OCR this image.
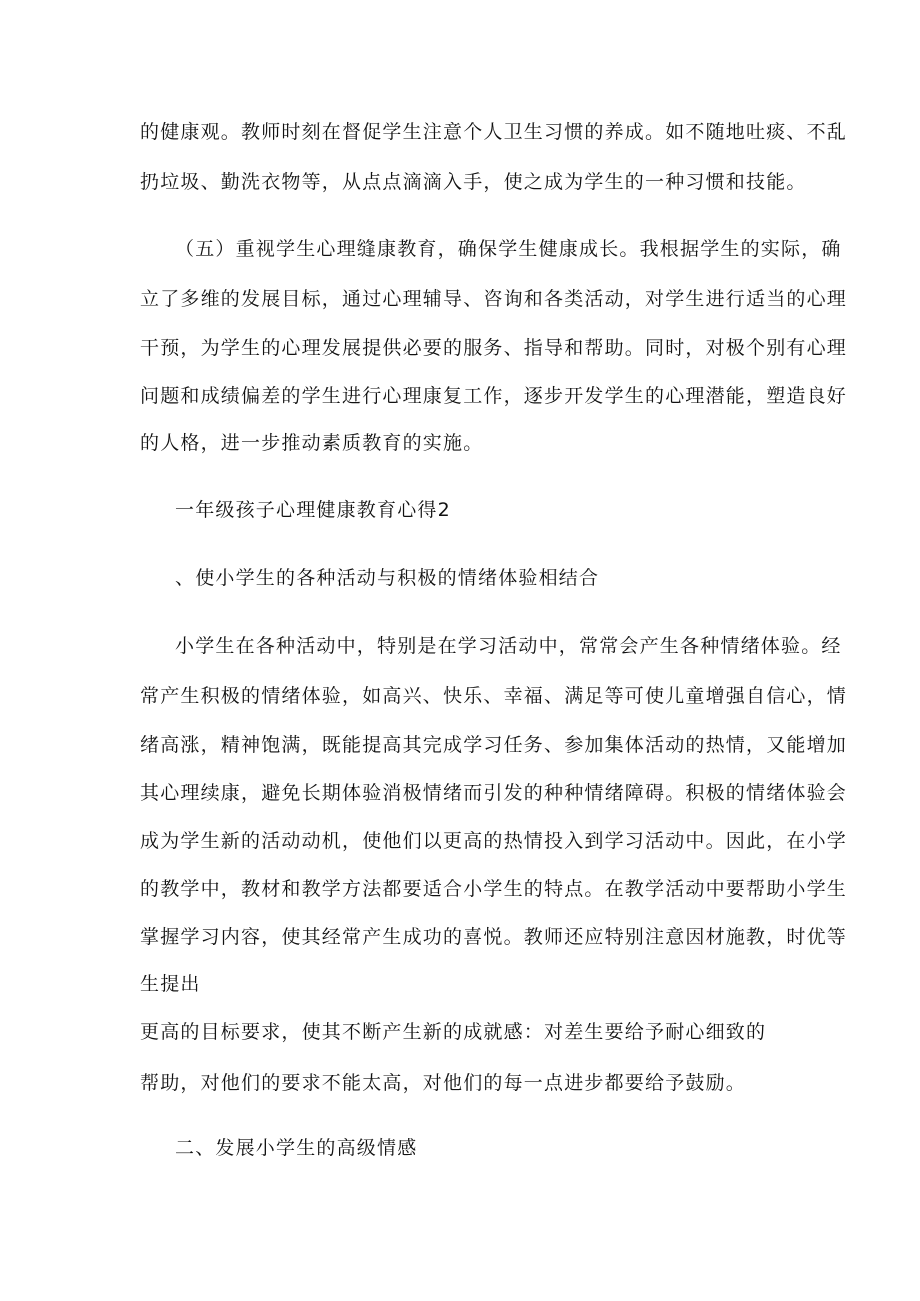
的健康观。教师时刻在督促学生注意个人卫生习惯的养成。如不随地吐痰、不乱
扔垃圾、勤洗衣物等，从点点滴滴入手，使之成为学生的一种习惯和技能。
（五）重视学生心理缝康教育，确保学生健康成长。我根据学生的实际，确
立了多维的发展目标，通过心理辅导、咨询和各类活动，对学生进行适当的心理
干预，为学生的心理发展提供必要的服务、指导和帮助。同时，对极个别有心理
问题和成绩偏差的学生进行心理康复工作，逐步开发学生的心理潜能，塑造良好
的人格，进一步推动素质教育的实施。
一年级孩子心理健康教育心得2
、使小学生的各种活动与积极的情绪体验相结合
小学生在各种活动中，特别是在学习活动中，常常会产生各种情绪体验。经
常产生积极的情绪体验，如高兴、快乐、幸福、满足等可使儿童增强自信心，情
绪高涨，精神饱满，既能提高其完成学习任务、参加集体活动的热情，又能增加
其心理续康，避免长期体验消极情绪而引发的种种情绪障碍。积极的情绪体验会
成为学生新的活动动机，使他们以更高的热情投入到学习活动中。因此，在小学
的教学中，教材和教学方法都要适合小学生的特点。在教学活动中要帮助小学生
掌握学习内容，使其经常产生成功的喜悦。教师还应特别注意因材施教，时优等
生提出
更高的目标要求，使其不断产生新的成就感：对差生要给予耐心细致的
帮助，对他们的要求不能太高，对他们的每一点进步都要给予鼓励。
二、发展小学生的高级情感
